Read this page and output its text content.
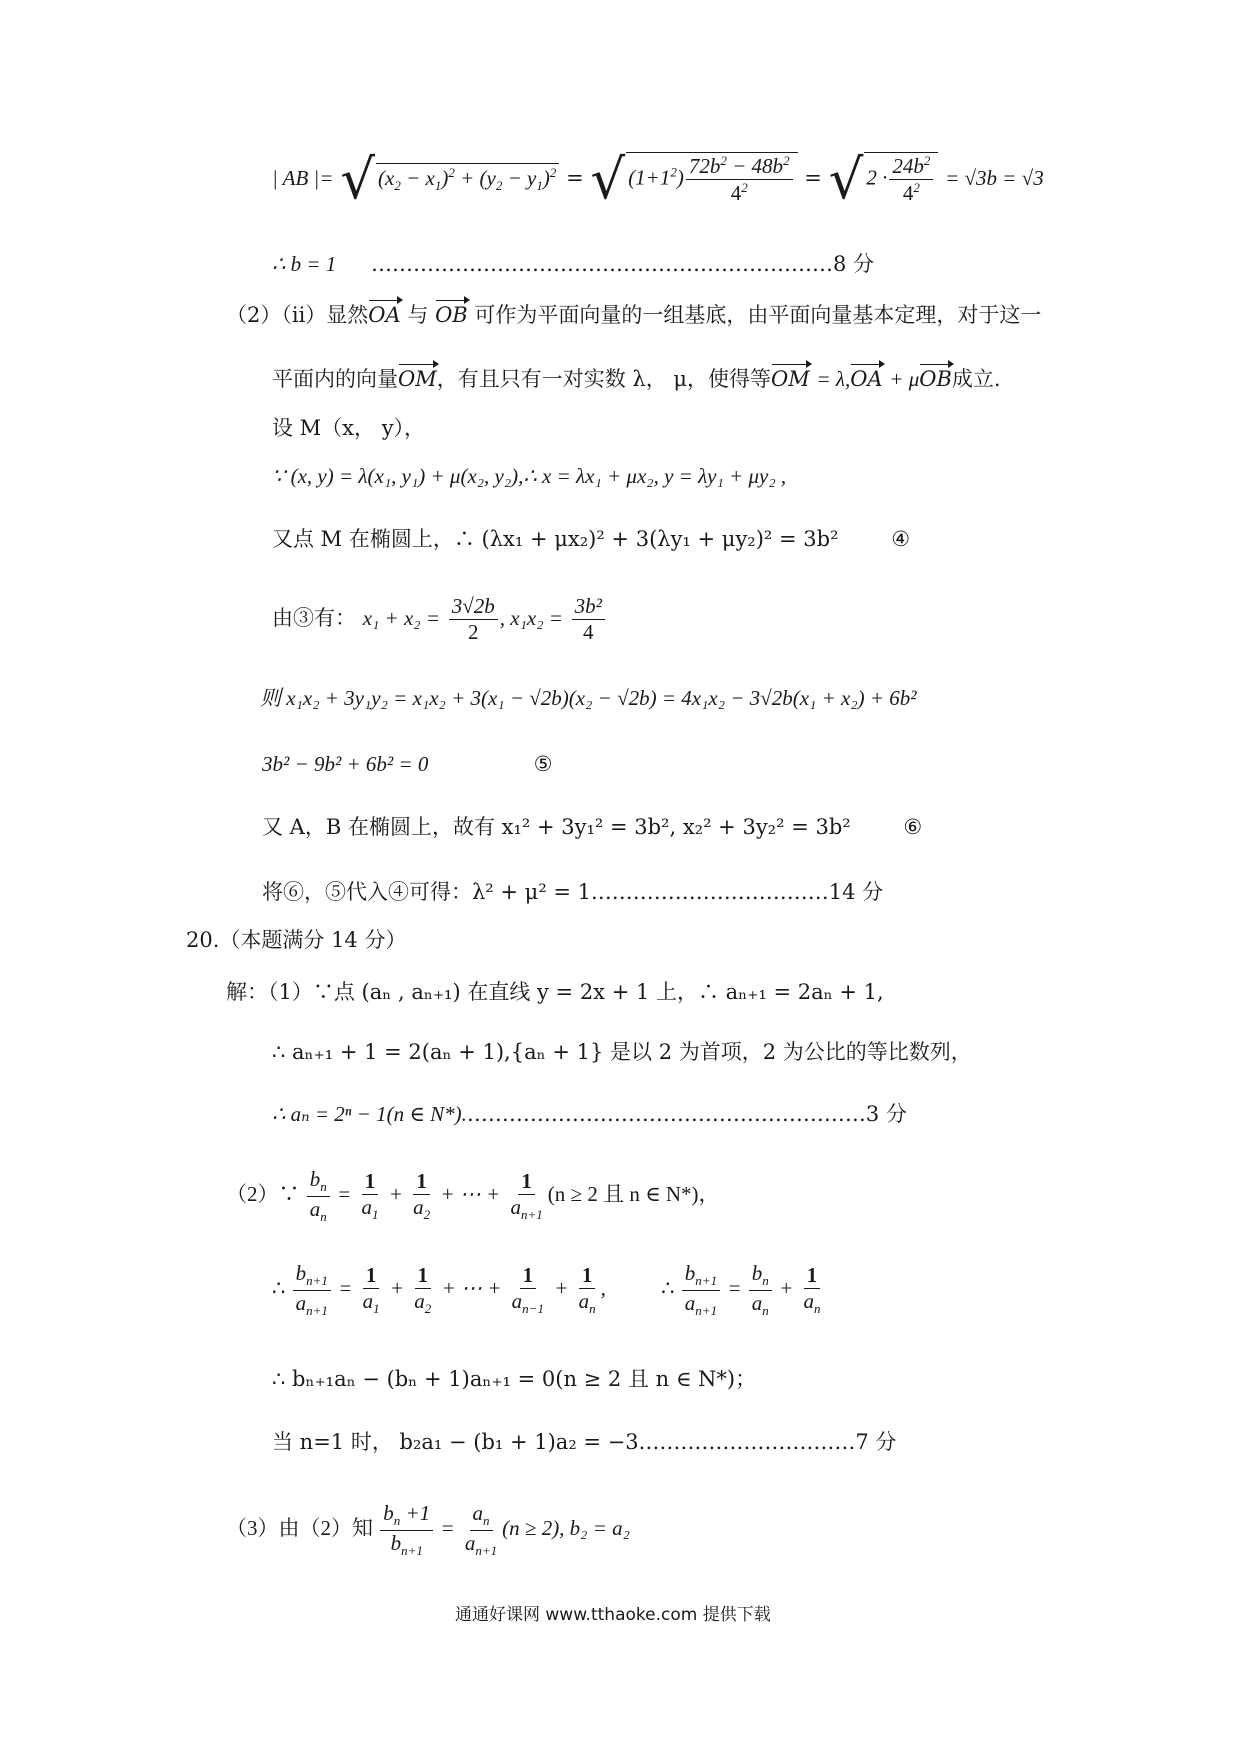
| AB |= √ $(x_2 - x_1)^2 + (y_2 - y_1)^2$ = √ $(1+1^2) \frac{72b^2 - 48b^2}{4^2}$ = √ $2 \cdot \frac{24b^2}{4^2} = √3b = √3$
∴ b = 1 …………………………………………………………8 分
（2）（ii）显然OA 与 OB 可作为平面向量的一组基底，由平面向量基本定理，对于这一
平面内的向量OM，有且只有一对实数 λ， μ，使得等OM = λ,OA + μOB成立.
设 M（x， y），
∵ (x, y) = λ(x₁, y₁) + μ(x₂, y₂),∴ x = λx₁ + μx₂, y = λy₁ + μy₂ ,
又点 M 在椭圆上，∴ (λx₁ + μx₂)² + 3(λy₁ + μy₂)² = 3b²	④
由③有： $x_1 + x_2 = \frac{3√2b}{2}$ , $x_1x_2 = \frac{\text{3b²}}{4}$
则 x₁x₂ + 3y₁y₂ = x₁x₂ + 3(x₁ − √2b)(x₂ − √2b) = 4x₁x₂ − 3√2b(x₁ + x₂) + 6b²
3b² − 9b² + 6b² = 0	⑤
又 A，B 在椭圆上，故有 x₁² + 3y₁² = 3b², x₂² + 3y₂² = 3b²	⑥
将⑥，⑤代入④可得：λ² + μ² = 1.……………………………14 分
20.（本题满分 14 分）
解：（1）∵点 (aₙ , aₙ₊₁) 在直线 y = 2x + 1 上，∴ aₙ₊₁ = 2aₙ + 1,
∴ aₙ₊₁ + 1 = 2(aₙ + 1),{aₙ + 1} 是以 2 为首项，2 为公比的等比数列，
∴ aₙ = 2ⁿ − 1(n ∈ N*).…………………………………………………3 分
（2）∵ $\frac{b_n}{a_n} = \frac{1}{a_1} + \frac{1}{a_2}$ + ⋯ + $\frac{1}{a_{n+1}} (n \ge 2$ 且 n ∈ N*)，
∴ $\frac{b_{n+1}}{a_{n+1}} = \frac{1}{a_1} + \frac{1}{a_2}$ + ⋯ + $\frac{1}{a_{n-1}} + \frac{1}{a_n}$ , ∴ $\frac{b_{n+1}}{a_{n+1}} = \frac{b_n}{a_n} + \frac{1}{a_n}$
∴ bₙ₊₁aₙ − (bₙ + 1)aₙ₊₁ = 0(n ≥ 2 且 n ∈ N*)；
当 n=1 时， b₂a₁ − (b₁ + 1)a₂ = −3.…………………………7 分
（3）由（2）知 $\frac{b_n +1}{b_{n+1}} = \frac{a_n}{a_{n+1}} (n \ge 2)$, b₂ = a₂
通通好课网 www.tthaoke.com 提供下载
